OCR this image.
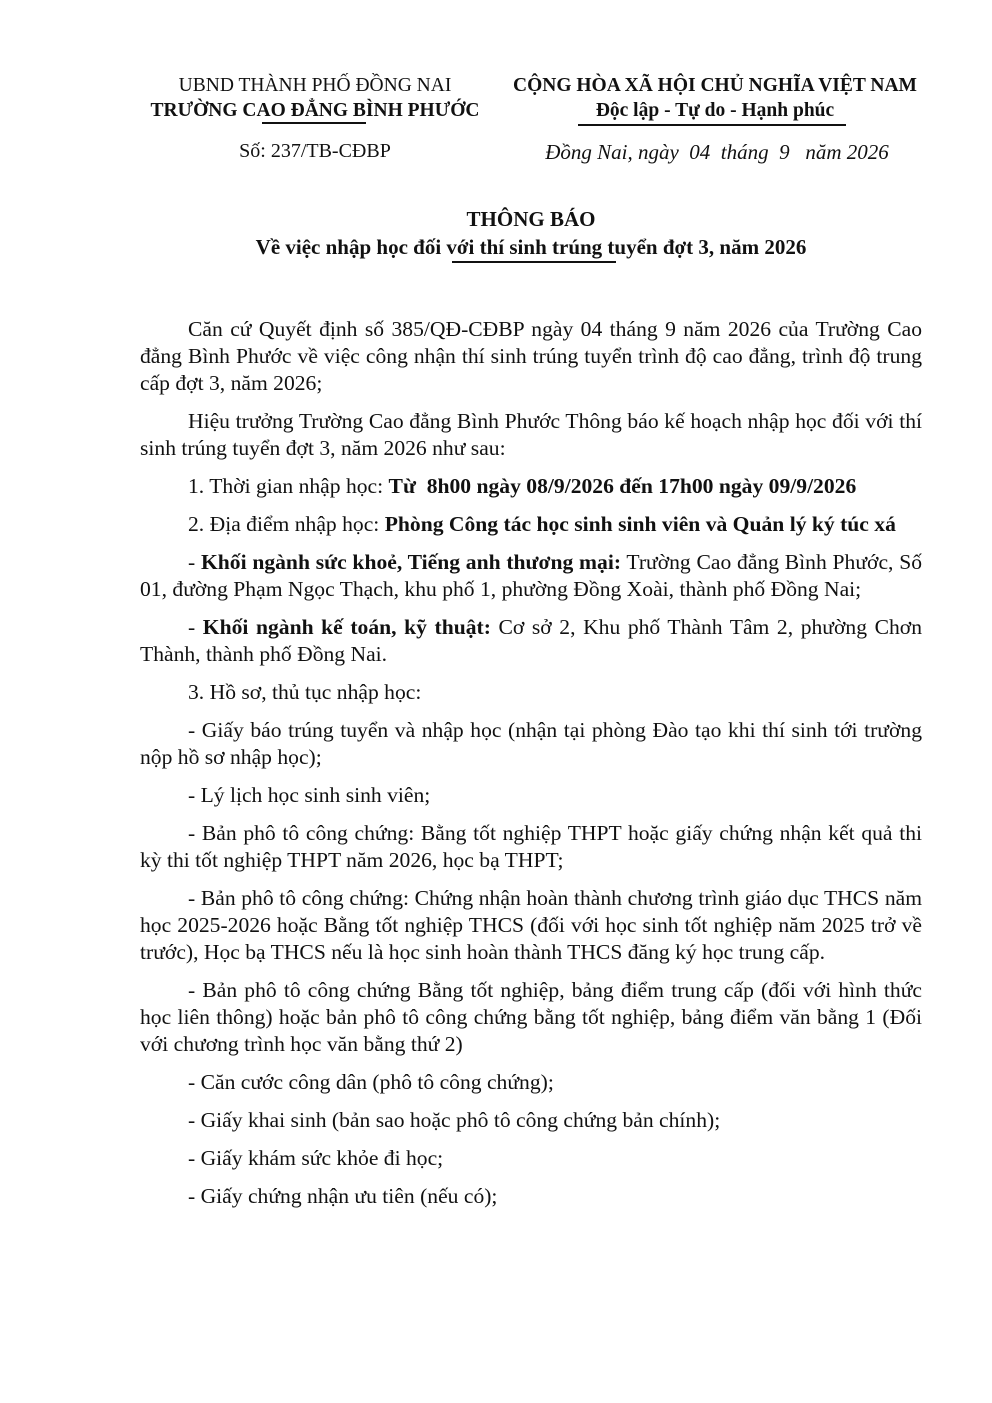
UBND THÀNH PHỐ ĐỒNG NAI
TRƯỜNG CAO ĐẲNG BÌNH PHƯỚC
CỘNG HÒA XÃ HỘI CHỦ NGHĨA VIỆT NAM
Độc lập - Tự do - Hạnh phúc
Số: 237/TB-CĐBP	Đồng Nai, ngày  04  tháng  9   năm 2026
THÔNG BÁO
Về việc nhập học đối với thí sinh trúng tuyển đợt 3, năm 2026

Căn cứ Quyết định số 385/QĐ-CĐBP ngày 04 tháng 9 năm 2026 của Trường Cao đẳng Bình Phước về việc công nhận thí sinh trúng tuyển trình độ cao đẳng, trình độ trung cấp đợt 3, năm 2026;

Hiệu trưởng Trường Cao đẳng Bình Phước Thông báo kế hoạch nhập học đối với thí sinh trúng tuyển đợt 3, năm 2026 như sau:

1. Thời gian nhập học: Từ  8h00 ngày 08/9/2026 đến 17h00 ngày 09/9/2026

2. Địa điểm nhập học: Phòng Công tác học sinh sinh viên và Quản lý ký túc xá

- Khối ngành sức khoẻ, Tiếng anh thương mại: Trường Cao đẳng Bình Phước, Số 01, đường Phạm Ngọc Thạch, khu phố 1, phường Đồng Xoài, thành phố Đồng Nai;

- Khối ngành kế toán, kỹ thuật: Cơ sở 2, Khu phố Thành Tâm 2, phường Chơn Thành, thành phố Đồng Nai.

3. Hồ sơ, thủ tục nhập học:

- Giấy báo trúng tuyển và nhập học (nhận tại phòng Đào tạo khi thí sinh tới trường nộp hồ sơ nhập học);

- Lý lịch học sinh sinh viên;

- Bản phô tô công chứng: Bằng tốt nghiệp THPT hoặc giấy chứng nhận kết quả thi kỳ thi tốt nghiệp THPT năm 2026, học bạ THPT;

- Bản phô tô công chứng: Chứng nhận hoàn thành chương trình giáo dục THCS năm học 2025-2026 hoặc Bằng tốt nghiệp THCS (đối với học sinh tốt nghiệp năm 2025 trở về trước), Học bạ THCS nếu là học sinh hoàn thành THCS đăng ký học trung cấp.

- Bản phô tô công chứng Bằng tốt nghiệp, bảng điểm trung cấp (đối với hình thức học liên thông) hoặc bản phô tô công chứng bằng tốt nghiệp, bảng điểm văn bằng 1 (Đối với chương trình học văn bằng thứ 2)

- Căn cước công dân (phô tô công chứng);

- Giấy khai sinh (bản sao hoặc phô tô công chứng bản chính);

- Giấy khám sức khỏe đi học;

- Giấy chứng nhận ưu tiên (nếu có);
